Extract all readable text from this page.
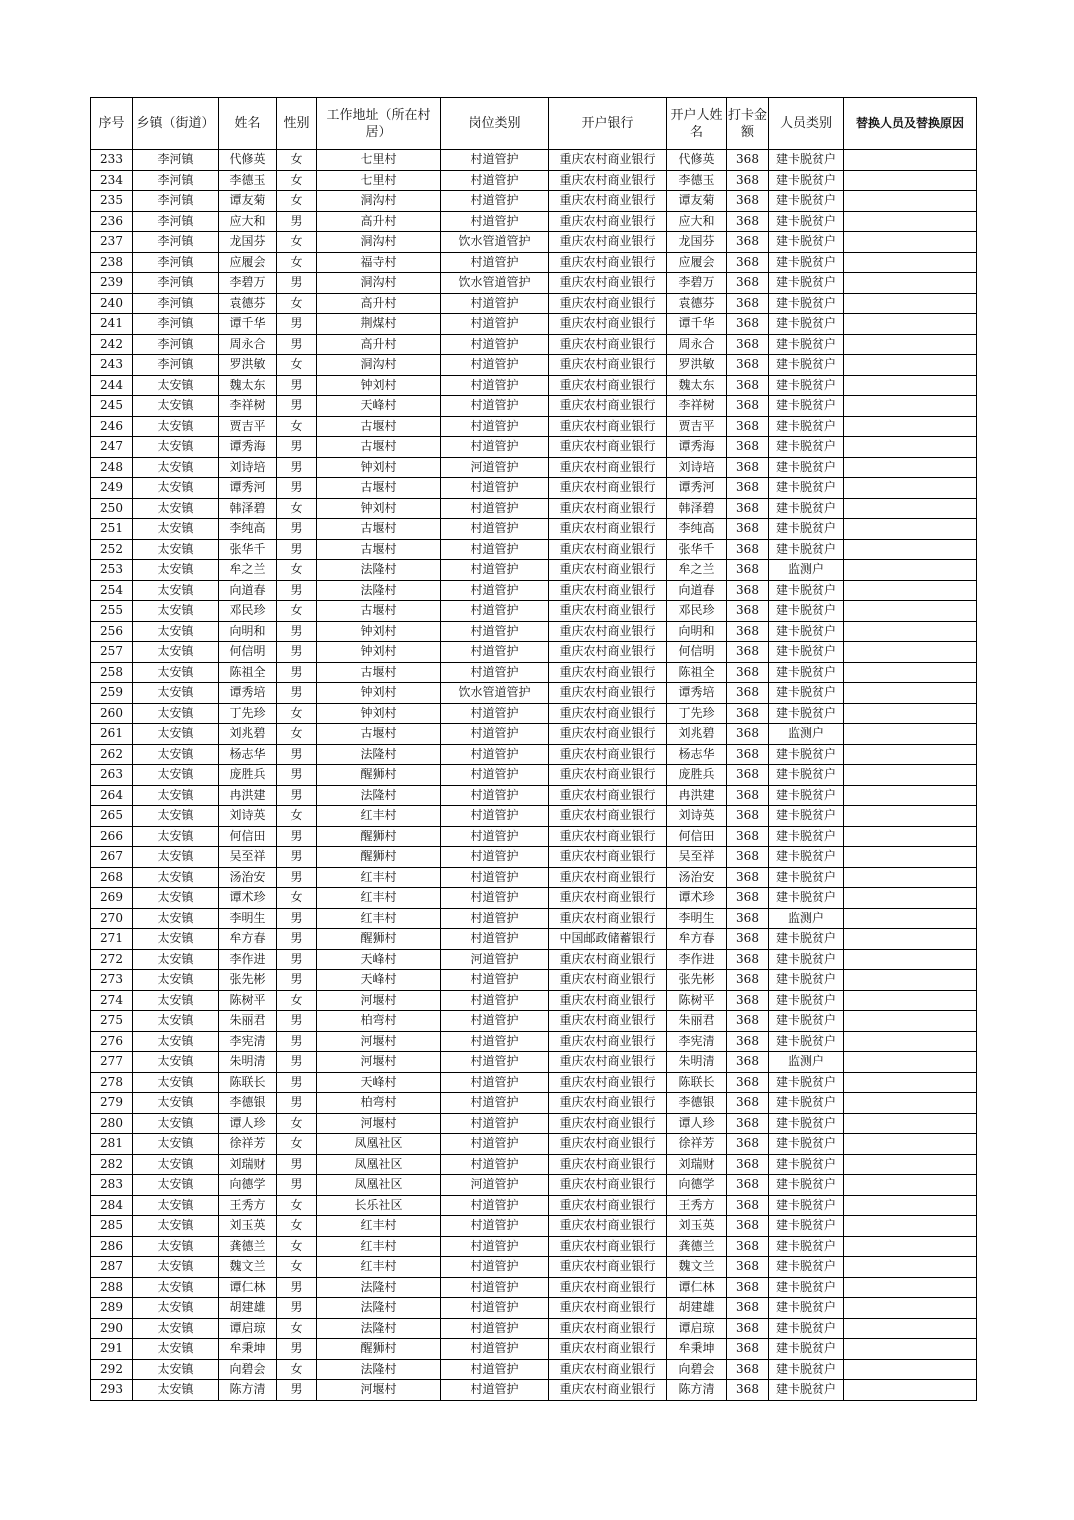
序号	乡镇（街道）	姓名	性别	工作地址（所在村居）	岗位类别	开户银行	开户人姓名	打卡金额	人员类别	替换人员及替换原因
233	李河镇	代修英	女	七里村	村道管护	重庆农村商业银行	代修英	368	建卡脱贫户	
234	李河镇	李德玉	女	七里村	村道管护	重庆农村商业银行	李德玉	368	建卡脱贫户	
235	李河镇	谭友菊	女	洞沟村	村道管护	重庆农村商业银行	谭友菊	368	建卡脱贫户	
236	李河镇	应大和	男	高升村	村道管护	重庆农村商业银行	应大和	368	建卡脱贫户	
237	李河镇	龙国芬	女	洞沟村	饮水管道管护	重庆农村商业银行	龙国芬	368	建卡脱贫户	
238	李河镇	应履会	女	福寺村	村道管护	重庆农村商业银行	应履会	368	建卡脱贫户	
239	李河镇	李碧万	男	洞沟村	饮水管道管护	重庆农村商业银行	李碧万	368	建卡脱贫户	
240	李河镇	袁德芬	女	高升村	村道管护	重庆农村商业银行	袁德芬	368	建卡脱贫户	
241	李河镇	谭千华	男	荆煤村	村道管护	重庆农村商业银行	谭千华	368	建卡脱贫户	
242	李河镇	周永合	男	高升村	村道管护	重庆农村商业银行	周永合	368	建卡脱贫户	
243	李河镇	罗洪敏	女	洞沟村	村道管护	重庆农村商业银行	罗洪敏	368	建卡脱贫户	
244	太安镇	魏太东	男	钟刘村	村道管护	重庆农村商业银行	魏太东	368	建卡脱贫户	
245	太安镇	李祥树	男	天峰村	村道管护	重庆农村商业银行	李祥树	368	建卡脱贫户	
246	太安镇	贾吉平	女	古堰村	村道管护	重庆农村商业银行	贾吉平	368	建卡脱贫户	
247	太安镇	谭秀海	男	古堰村	村道管护	重庆农村商业银行	谭秀海	368	建卡脱贫户	
248	太安镇	刘诗培	男	钟刘村	河道管护	重庆农村商业银行	刘诗培	368	建卡脱贫户	
249	太安镇	谭秀河	男	古堰村	村道管护	重庆农村商业银行	谭秀河	368	建卡脱贫户	
250	太安镇	韩泽碧	女	钟刘村	村道管护	重庆农村商业银行	韩泽碧	368	建卡脱贫户	
251	太安镇	李纯高	男	古堰村	村道管护	重庆农村商业银行	李纯高	368	建卡脱贫户	
252	太安镇	张华千	男	古堰村	村道管护	重庆农村商业银行	张华千	368	建卡脱贫户	
253	太安镇	牟之兰	女	法隆村	村道管护	重庆农村商业银行	牟之兰	368	监测户	
254	太安镇	向道春	男	法隆村	村道管护	重庆农村商业银行	向道春	368	建卡脱贫户	
255	太安镇	邓民珍	女	古堰村	村道管护	重庆农村商业银行	邓民珍	368	建卡脱贫户	
256	太安镇	向明和	男	钟刘村	村道管护	重庆农村商业银行	向明和	368	建卡脱贫户	
257	太安镇	何信明	男	钟刘村	村道管护	重庆农村商业银行	何信明	368	建卡脱贫户	
258	太安镇	陈祖全	男	古堰村	村道管护	重庆农村商业银行	陈祖全	368	建卡脱贫户	
259	太安镇	谭秀培	男	钟刘村	饮水管道管护	重庆农村商业银行	谭秀培	368	建卡脱贫户	
260	太安镇	丁先珍	女	钟刘村	村道管护	重庆农村商业银行	丁先珍	368	建卡脱贫户	
261	太安镇	刘兆碧	女	古堰村	村道管护	重庆农村商业银行	刘兆碧	368	监测户	
262	太安镇	杨志华	男	法隆村	村道管护	重庆农村商业银行	杨志华	368	建卡脱贫户	
263	太安镇	庞胜兵	男	醒狮村	村道管护	重庆农村商业银行	庞胜兵	368	建卡脱贫户	
264	太安镇	冉洪建	男	法隆村	村道管护	重庆农村商业银行	冉洪建	368	建卡脱贫户	
265	太安镇	刘诗英	女	红丰村	村道管护	重庆农村商业银行	刘诗英	368	建卡脱贫户	
266	太安镇	何信田	男	醒狮村	村道管护	重庆农村商业银行	何信田	368	建卡脱贫户	
267	太安镇	吴至祥	男	醒狮村	村道管护	重庆农村商业银行	吴至祥	368	建卡脱贫户	
268	太安镇	汤治安	男	红丰村	村道管护	重庆农村商业银行	汤治安	368	建卡脱贫户	
269	太安镇	谭术珍	女	红丰村	村道管护	重庆农村商业银行	谭术珍	368	建卡脱贫户	
270	太安镇	李明生	男	红丰村	村道管护	重庆农村商业银行	李明生	368	监测户	
271	太安镇	牟方春	男	醒狮村	村道管护	中国邮政储蓄银行	牟方春	368	建卡脱贫户	
272	太安镇	李作进	男	天峰村	河道管护	重庆农村商业银行	李作进	368	建卡脱贫户	
273	太安镇	张先彬	男	天峰村	村道管护	重庆农村商业银行	张先彬	368	建卡脱贫户	
274	太安镇	陈树平	女	河堰村	村道管护	重庆农村商业银行	陈树平	368	建卡脱贫户	
275	太安镇	朱丽君	男	柏弯村	村道管护	重庆农村商业银行	朱丽君	368	建卡脱贫户	
276	太安镇	李宪清	男	河堰村	村道管护	重庆农村商业银行	李宪清	368	建卡脱贫户	
277	太安镇	朱明清	男	河堰村	村道管护	重庆农村商业银行	朱明清	368	监测户	
278	太安镇	陈联长	男	天峰村	村道管护	重庆农村商业银行	陈联长	368	建卡脱贫户	
279	太安镇	李德银	男	柏弯村	村道管护	重庆农村商业银行	李德银	368	建卡脱贫户	
280	太安镇	谭人珍	女	河堰村	村道管护	重庆农村商业银行	谭人珍	368	建卡脱贫户	
281	太安镇	徐祥芳	女	凤凰社区	村道管护	重庆农村商业银行	徐祥芳	368	建卡脱贫户	
282	太安镇	刘瑞财	男	凤凰社区	村道管护	重庆农村商业银行	刘瑞财	368	建卡脱贫户	
283	太安镇	向德学	男	凤凰社区	河道管护	重庆农村商业银行	向德学	368	建卡脱贫户	
284	太安镇	王秀方	女	长乐社区	村道管护	重庆农村商业银行	王秀方	368	建卡脱贫户	
285	太安镇	刘玉英	女	红丰村	村道管护	重庆农村商业银行	刘玉英	368	建卡脱贫户	
286	太安镇	龚德兰	女	红丰村	村道管护	重庆农村商业银行	龚德兰	368	建卡脱贫户	
287	太安镇	魏文兰	女	红丰村	村道管护	重庆农村商业银行	魏文兰	368	建卡脱贫户	
288	太安镇	谭仁林	男	法隆村	村道管护	重庆农村商业银行	谭仁林	368	建卡脱贫户	
289	太安镇	胡建雄	男	法隆村	村道管护	重庆农村商业银行	胡建雄	368	建卡脱贫户	
290	太安镇	谭启琼	女	法隆村	村道管护	重庆农村商业银行	谭启琼	368	建卡脱贫户	
291	太安镇	牟秉坤	男	醒狮村	村道管护	重庆农村商业银行	牟秉坤	368	建卡脱贫户	
292	太安镇	向碧会	女	法隆村	村道管护	重庆农村商业银行	向碧会	368	建卡脱贫户	
293	太安镇	陈方清	男	河堰村	村道管护	重庆农村商业银行	陈方清	368	建卡脱贫户	
